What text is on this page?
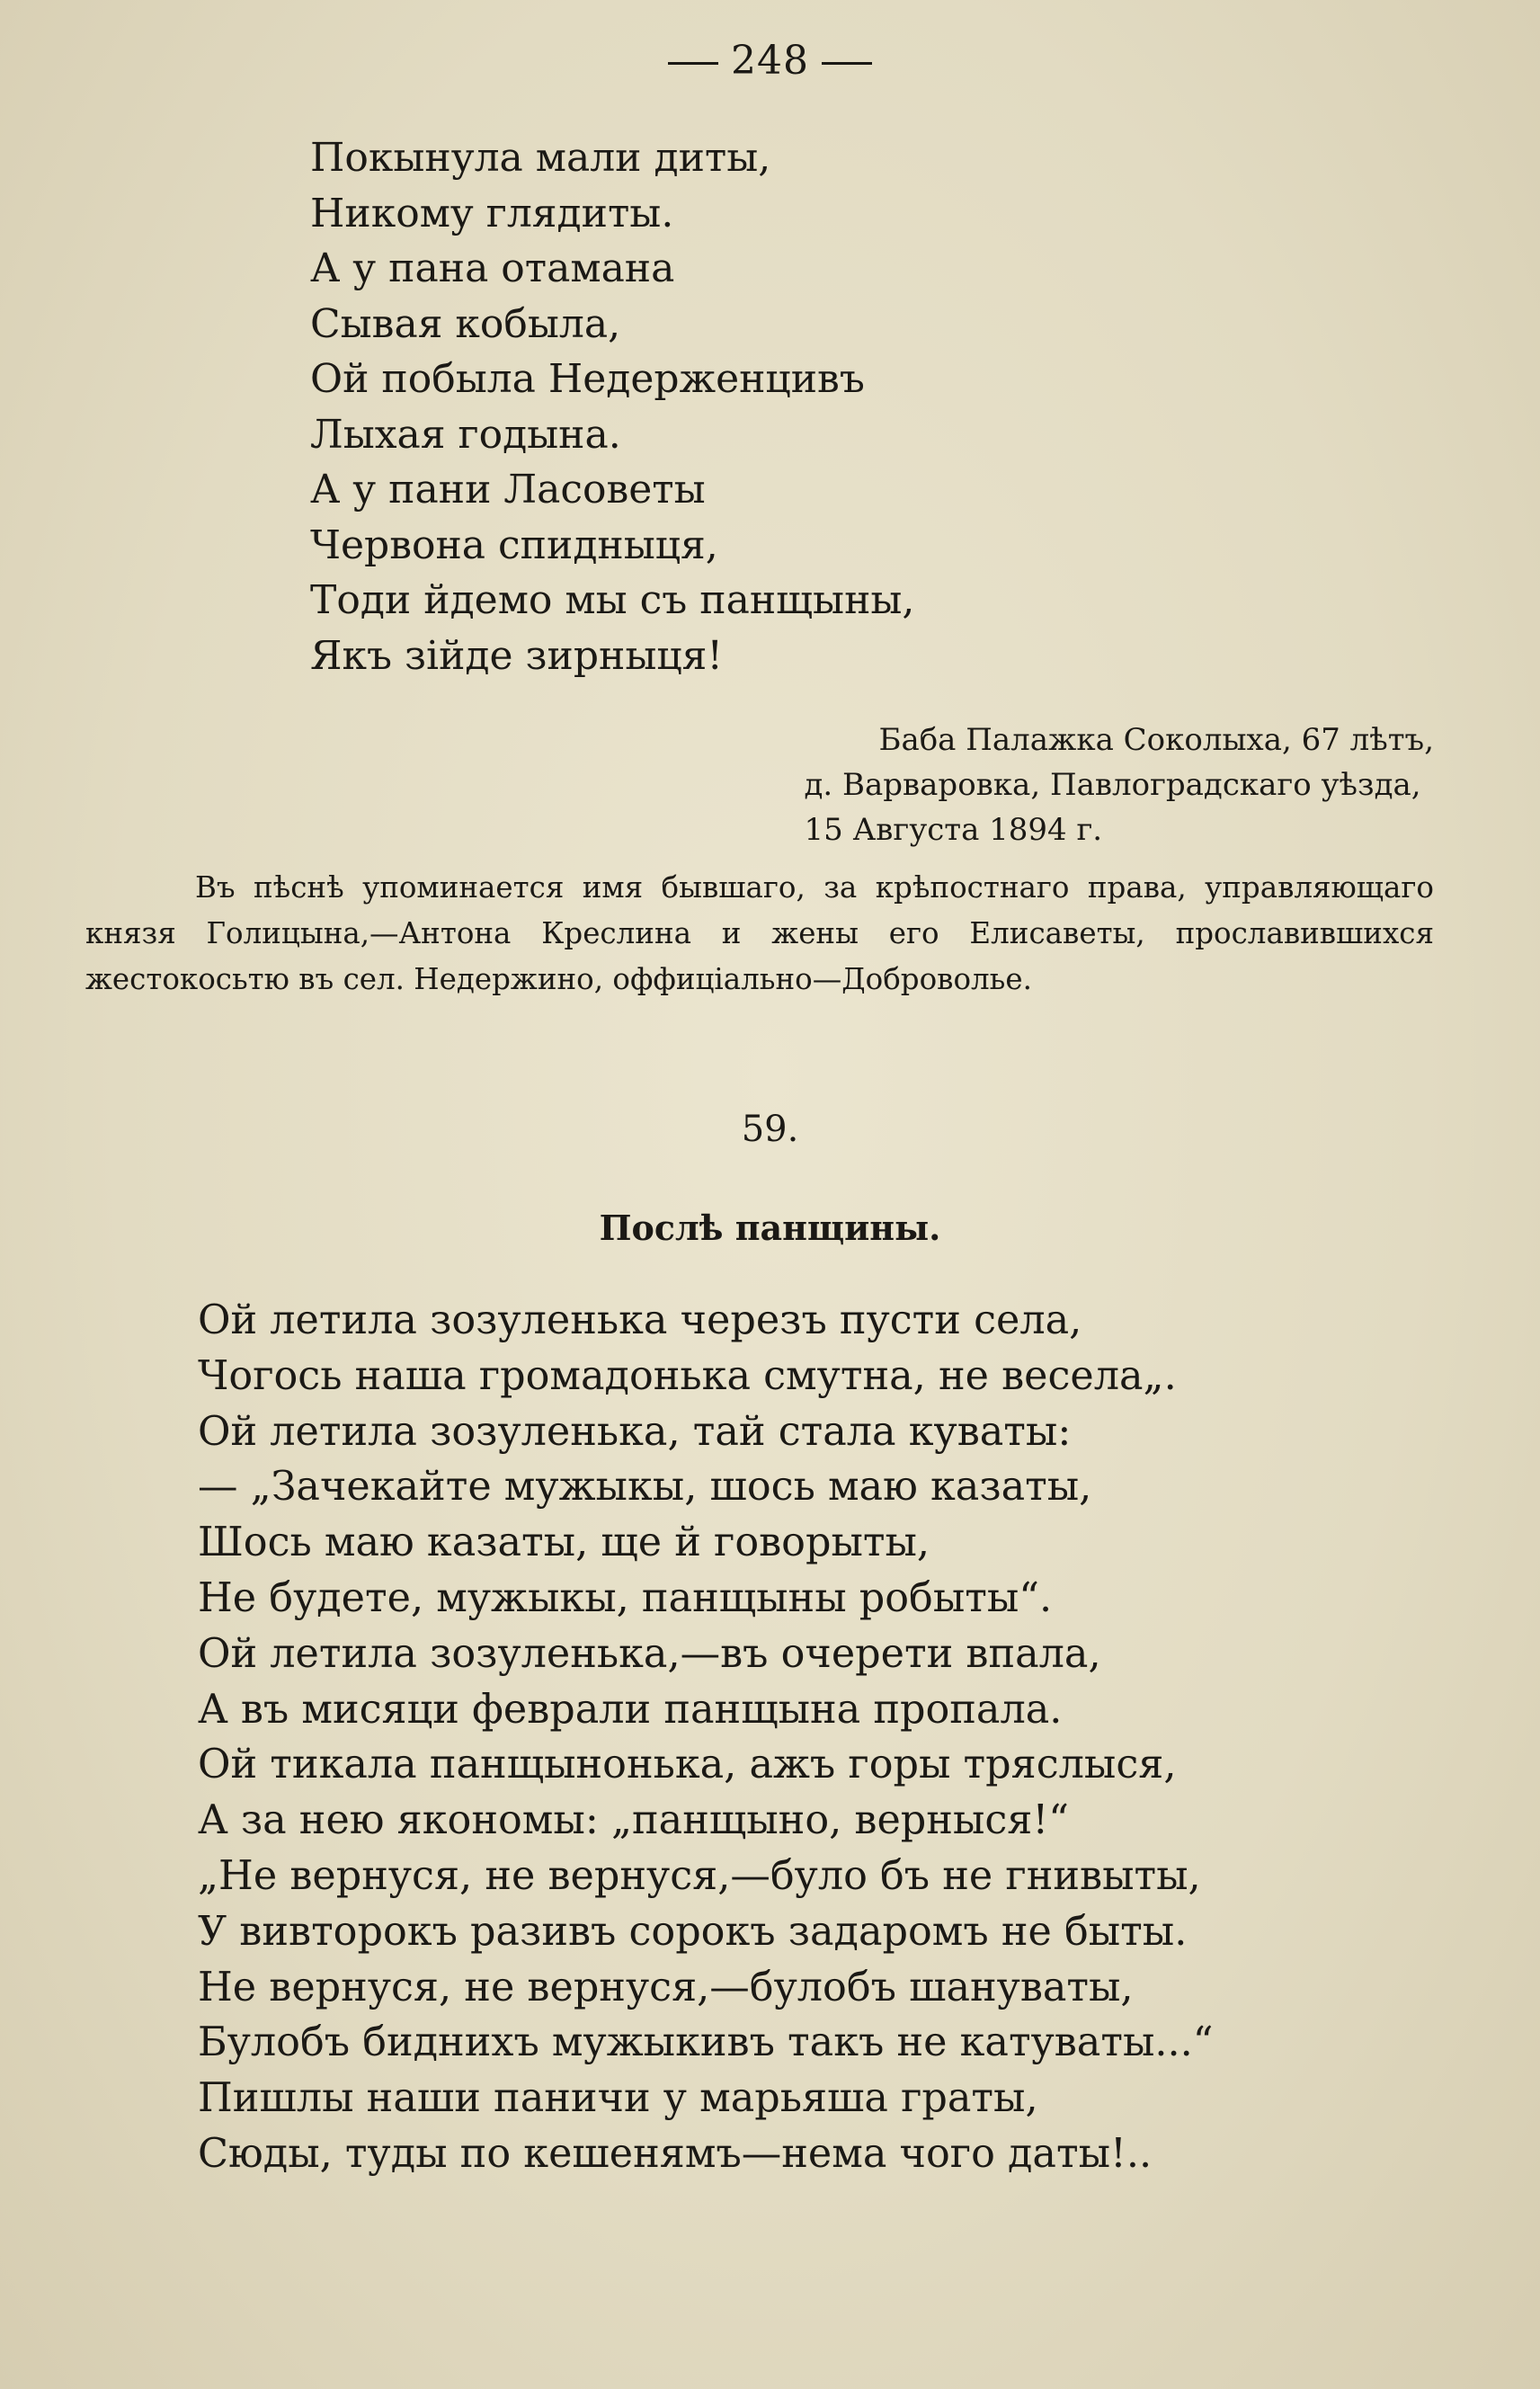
248
Покынула мали диты,
Никому глядиты.
А у пана отамана
Сывая кобыла,
Ой побыла Недерженцивъ
Лыхая годына.
А у пани Ласоветы
Червона спидныця,
Тоди йдемо мы съ панщыны,
Якъ зійде зирныця!
Баба Палажка Соколыха, 67 лѣтъ,
д. Варваровка, Павлоградскаго уѣзда,
15 Августа 1894 г.
Въ пѣснѣ упоминается имя бывшаго, за крѣпостнаго права, управляющаго князя Голицына,—Антона Креслина и жены его Елисаветы, прославившихся жестокосьтю въ сел. Недержино, оффиціально—Доброволье.
59.
Послѣ панщины.
Ой летила зозуленька черезъ пусти села,
Чогось наша громадонька смутна, не весела„.
Ой летила зозуленька, тай стала куваты:
— „Зачекайте мужыкы, шось маю казаты,
Шось маю казаты, ще й говорыты,
Не будете, мужыкы, панщыны робыты“.
Ой летила зозуленька,—въ очерети впала,
А въ мисяци феврали панщына пропала.
Ой тикала панщынонька, ажъ горы тряслыся,
А за нею якономы: „панщыно, верныся!“
„Не вернуся, не вернуся,—було бъ не гнивыты,
У вивторокъ разивъ сорокъ задаромъ не быты.
Не вернуся, не вернуся,—булобъ шануваты,
Булобъ биднихъ мужыкивъ такъ не катуваты...“
Пишлы наши паничи у марьяша граты,
Сюды, туды по кешенямъ—нема чого даты!..
